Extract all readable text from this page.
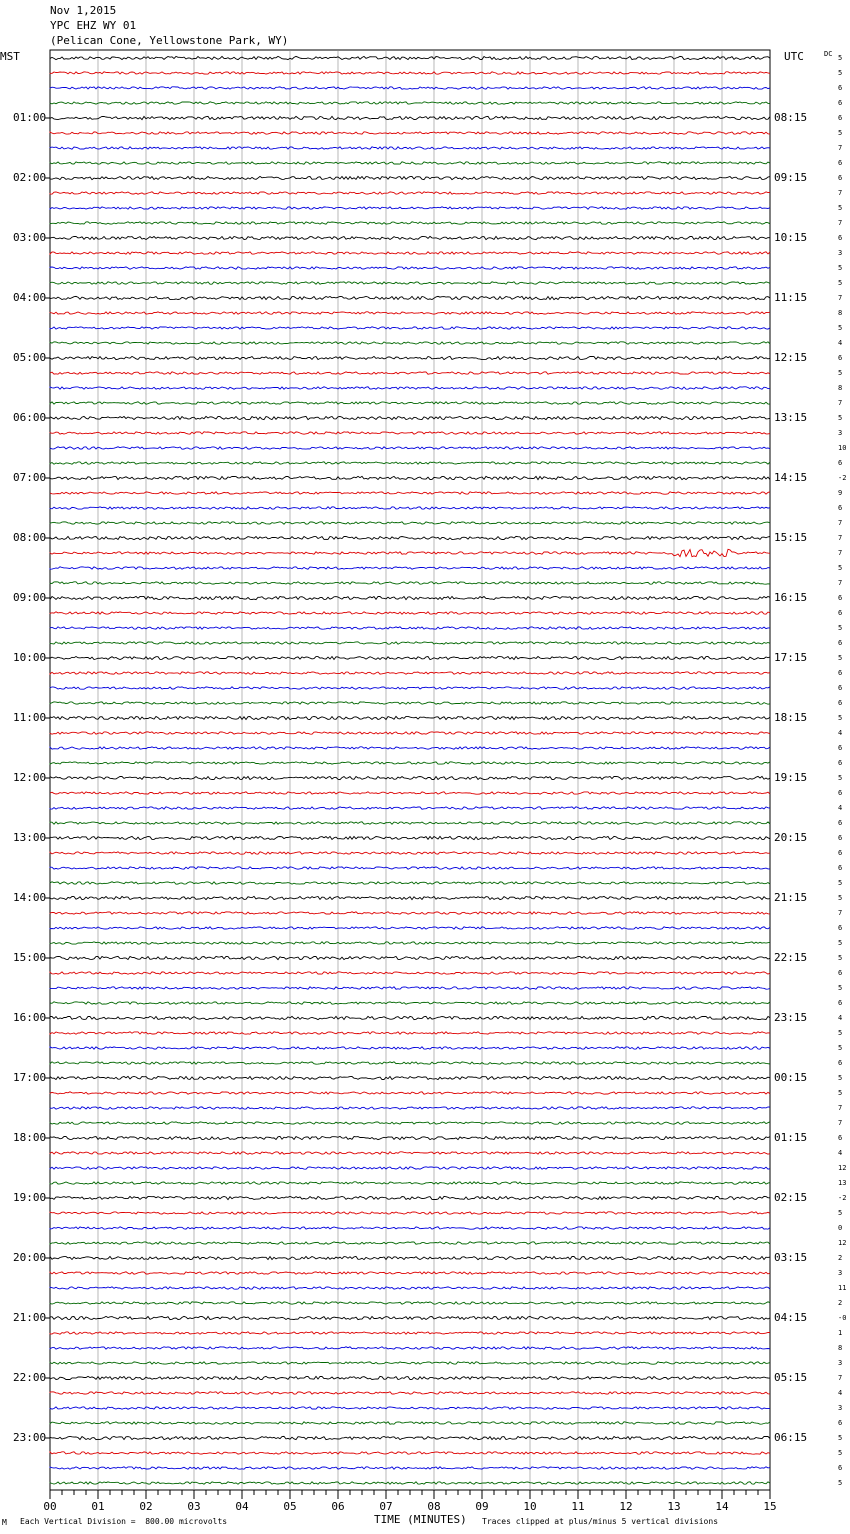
Nov 1,2015
YPC EHZ WY 01
(Pelican Cone, Yellowstone Park, WY)
MST	UTC	DC 5
5
6
6
6
5
7
6
6
7
5
7
6
3
5
5
7
8
5
4
6
5
8
7
5
3
10
6
-2
9
6
7
7
7
5
7
6
6
5
6
5
6
6
6
5
4
6
6
5
6
4
6
6
6
6
5
5
7
6
5
5
6
5
6
4
5
5
6
5
5
7
7
6
4
12
13
-2
5
0
12
2
3
11
2
-0
1
8
3
7
4
3
6
5
5
6
5
01:00
02:00
03:00
04:00
05:00
06:00
07:00
08:00
09:00
10:00
11:00
12:00
13:00
14:00
15:00
16:00
17:00
18:00
19:00
20:00
21:00
22:00
23:00
08:15
09:15
10:15
11:15
12:15
13:15
14:15
15:15
16:15
17:15
18:15
19:15
20:15
21:15
22:15
23:15
00:15
01:15
02:15
03:15
04:15
05:15
06:15
00	01	02	03	04	05	06	07	08	09	10	11	12	13	14	15
M Each Vertical Division =  800.00 microvolts	TIME (MINUTES) Traces clipped at plus/minus 5 vertical divisions
